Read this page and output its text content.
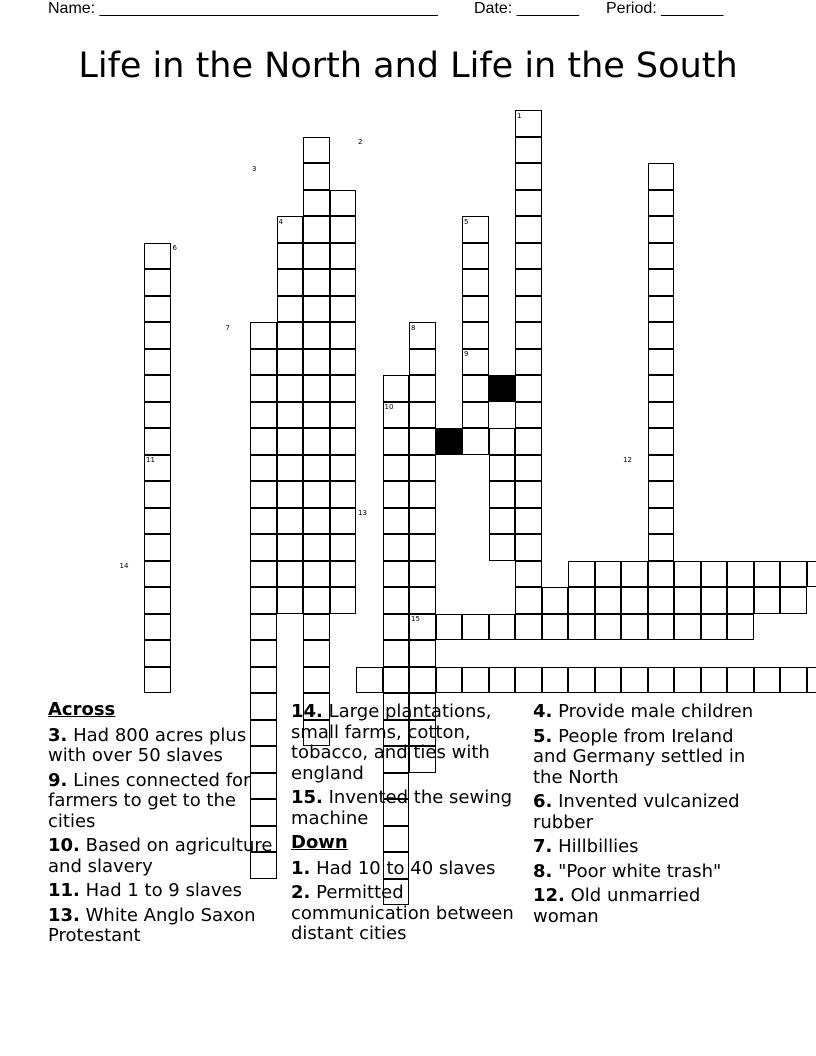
Name: ______________________________________ Date: _______ Period: _______
Life in the North and Life in the South
1
2
3
4	5
6
7	8
9
10
11	12
13
14
15
Across
3. Had 800 acres plus with over 50 slaves
9. Lines connected for farmers to get to the cities
10. Based on agriculture and slavery
11. Had 1 to 9 slaves
13. White Anglo Saxon Protestant
14. Large plantations, small farms, cotton, tobacco, and ties with england
15. Invented the sewing machine
Down
1. Had 10 to 40 slaves
2. Permitted communication between distant cities
4. Provide male children
5. People from Ireland and Germany settled in the North
6. Invented vulcanized rubber
7. Hillbillies
8. "Poor white trash"
12. Old unmarried woman
